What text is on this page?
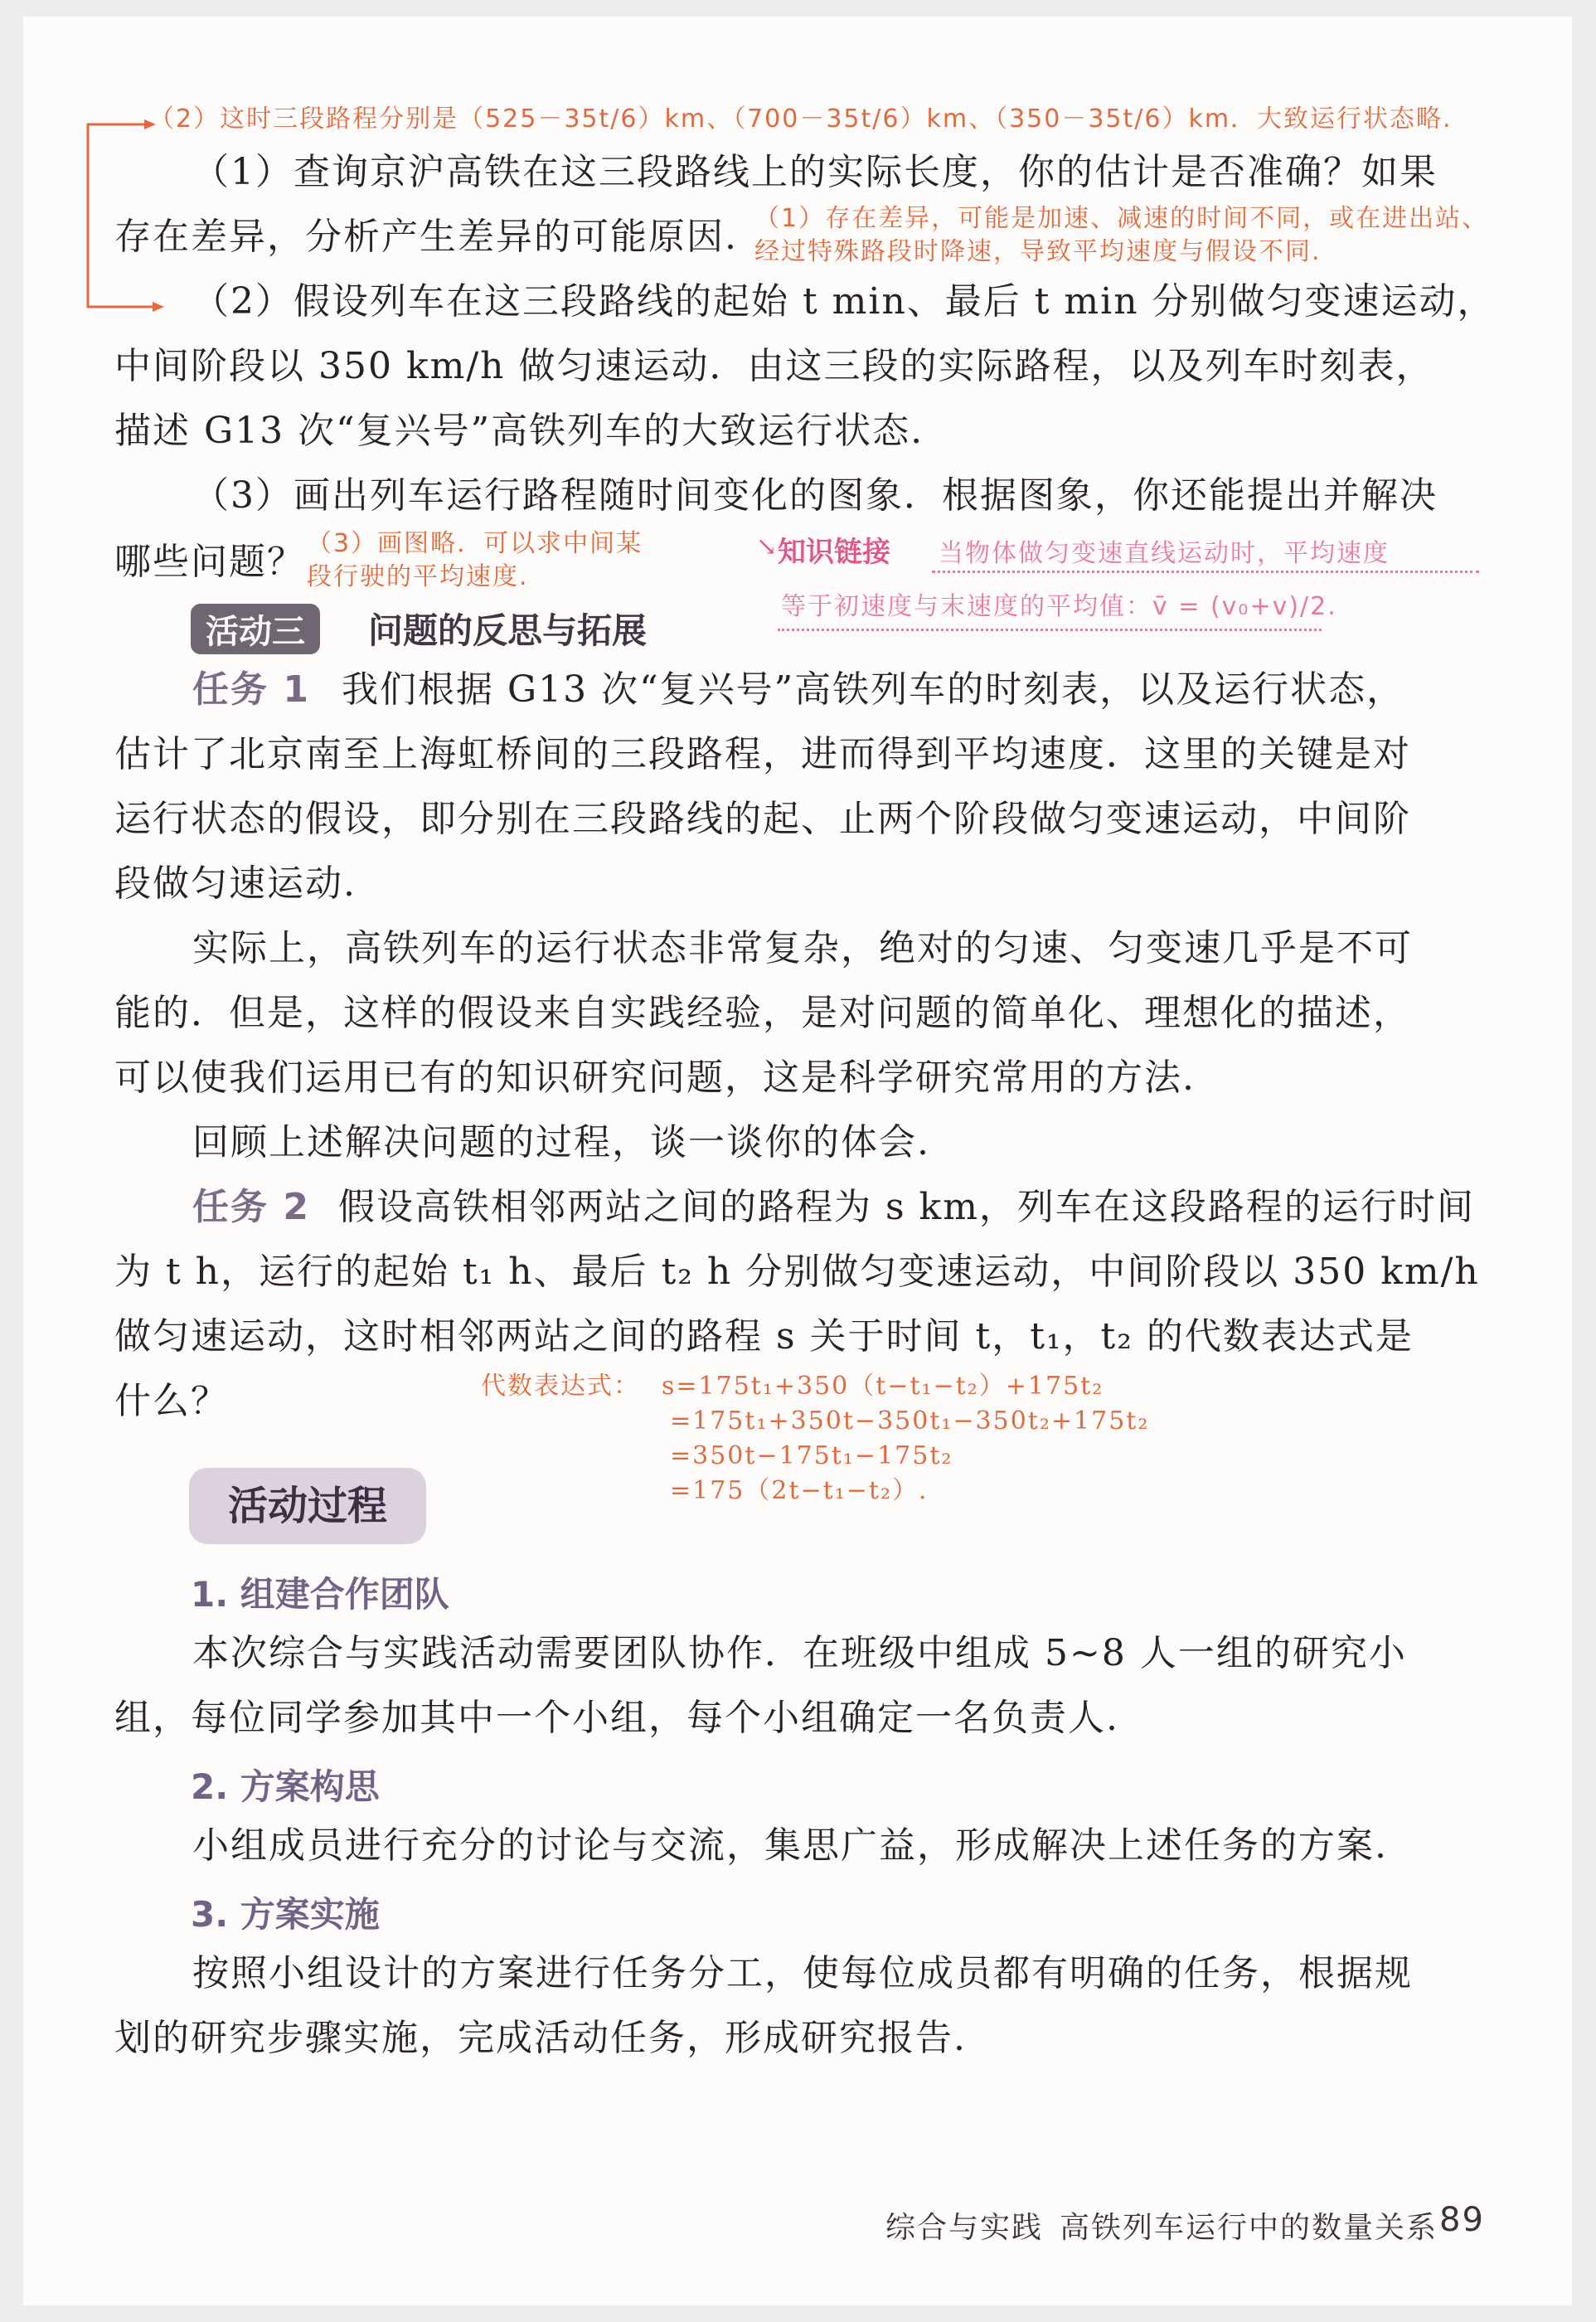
（2）这时三段路程分别是（525－35t/6）km、（700－35t/6）km、（350－35t/6）km．大致运行状态略.
（1）查询京沪高铁在这三段路线上的实际长度，你的估计是否准确？如果
存在差异，分析产生差异的可能原因. （1）存在差异，可能是加速、减速的时间不同，或在进出站、
经过特殊路段时降速，导致平均速度与假设不同.
（2）假设列车在这三段路线的起始 t min、最后 t min 分别做匀变速运动，
中间阶段以 350 km/h 做匀速运动．由这三段的实际路程，以及列车时刻表，
描述 G13 次“复兴号”高铁列车的大致运行状态.
（3）画出列车运行路程随时间变化的图象．根据图象，你还能提出并解决
哪些问题？ （3）画图略．可以求中间某
段行驶的平均速度.
↘ 知识链接 当物体做匀变速直线运动时，平均速度
等于初速度与末速度的平均值：v̄ = (v₀+v)/2.
活动三	问题的反思与拓展
任务 1 我们根据 G13 次“复兴号”高铁列车的时刻表，以及运行状态，
估计了北京南至上海虹桥间的三段路程，进而得到平均速度．这里的关键是对
运行状态的假设，即分别在三段路线的起、止两个阶段做匀变速运动，中间阶
段做匀速运动.
实际上，高铁列车的运行状态非常复杂，绝对的匀速、匀变速几乎是不可
能的．但是，这样的假设来自实践经验，是对问题的简单化、理想化的描述，
可以使我们运用已有的知识研究问题，这是科学研究常用的方法.
回顾上述解决问题的过程，谈一谈你的体会.
任务 2 假设高铁相邻两站之间的路程为 s km，列车在这段路程的运行时间
为 t h，运行的起始 t₁ h、最后 t₂ h 分别做匀变速运动，中间阶段以 350 km/h
做匀速运动，这时相邻两站之间的路程 s 关于时间 t，t₁，t₂ 的代数表达式是
什么？	代数表达式： s=175t₁+350（t−t₁−t₂）+175t₂
=175t₁+350t−350t₁−350t₂+175t₂
=350t−175t₁−175t₂
=175（2t−t₁−t₂）.
活动过程
1. 组建合作团队
本次综合与实践活动需要团队协作．在班级中组成 5~8 人一组的研究小
组，每位同学参加其中一个小组，每个小组确定一名负责人.
2. 方案构思
小组成员进行充分的讨论与交流，集思广益，形成解决上述任务的方案.
3. 方案实施
按照小组设计的方案进行任务分工，使每位成员都有明确的任务，根据规
划的研究步骤实施，完成活动任务，形成研究报告.
综合与实践 高铁列车运行中的数量关系 89
